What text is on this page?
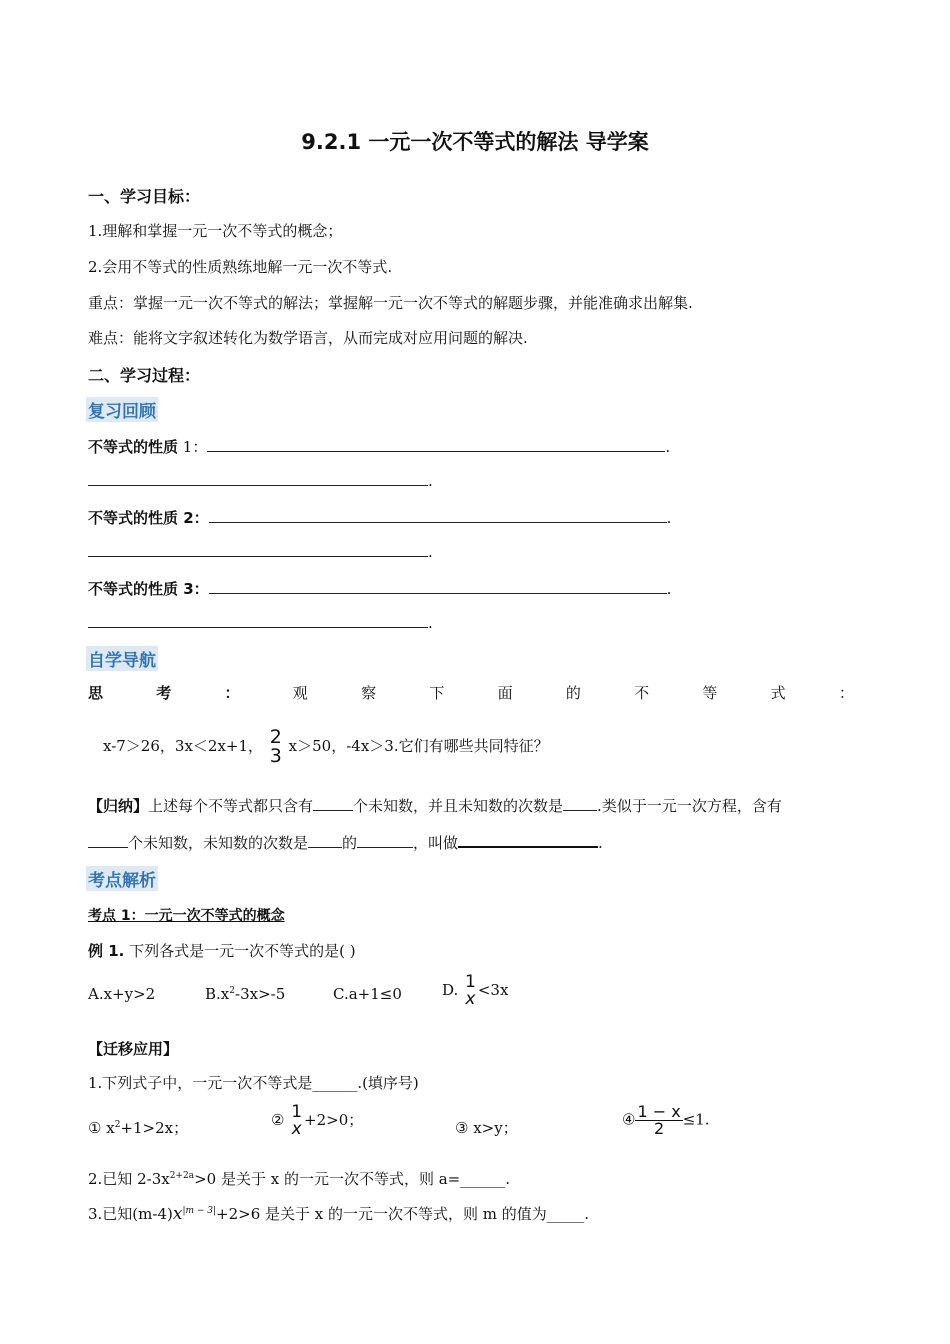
9.2.1 一元一次不等式的解法 导学案
一、学习目标：
1.理解和掌握一元一次不等式的概念；
2.会用不等式的性质熟练地解一元一次不等式.
重点：掌握一元一次不等式的解法；掌握解一元一次不等式的解题步骤，并能准确求出解集.
难点：能将文字叙述转化为数学语言，从而完成对应用问题的解决.
二、学习过程：
复习回顾
不等式的性质 1：	.
.
不等式的性质 2：	.
.
不等式的性质 3：	.
.
自学导航
思	考	：	观	察	下	面	的	不	等	式	：
x-7＞26，3x＜2x+1， 2
3 x＞50，-4x＞3.它们有哪些共同特征？
【归纳】上述每个不等式都只含有	个未知数，并且未知数的次数是 .类似于一元一次方程，含有
个未知数，未知数的次数是 的	，叫做	.
考点解析
考点 1：一元一次不等式的概念
例 1. 下列各式是一元一次不等式的是( )
A.x+y>2	$B.x^2-3x>-5$	C.a+1≤0	D. 1
x <3x
【迁移应用】
1.下列式子中，一元一次不等式是______.(填序号)
① $x^2+1>2x$；	② 1
x +2>0；	③ x>y；	④ $\frac{1 - x}{2} \le 1$.
2.已知 $2-3x^{2+2a}>0$ 是关于 x 的一元一次不等式，则 a=______.
3.已知$(m-4)x^{|m - 3|}+2>6$ 是关于 x 的一元一次不等式，则 m 的值为_____.
